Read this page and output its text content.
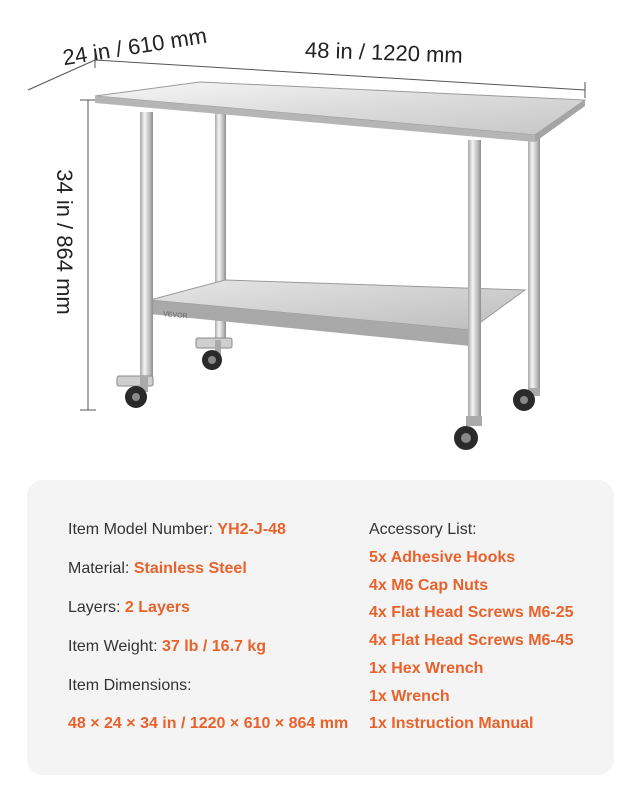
VEVOR
24 in / 610 mm	48 in / 1220 mm
34 in / 864 mm
Item Model Number: YH2-J-48
Material: Stainless Steel
Layers: 2 Layers
Item Weight: 37 lb / 16.7 kg
Item Dimensions:
48 × 24 × 34 in / 1220 × 610 × 864 mm
Accessory List:
5x Adhesive Hooks
4x M6 Cap Nuts
4x Flat Head Screws M6-25
4x Flat Head Screws M6-45
1x Hex Wrench
1x Wrench
1x Instruction Manual
